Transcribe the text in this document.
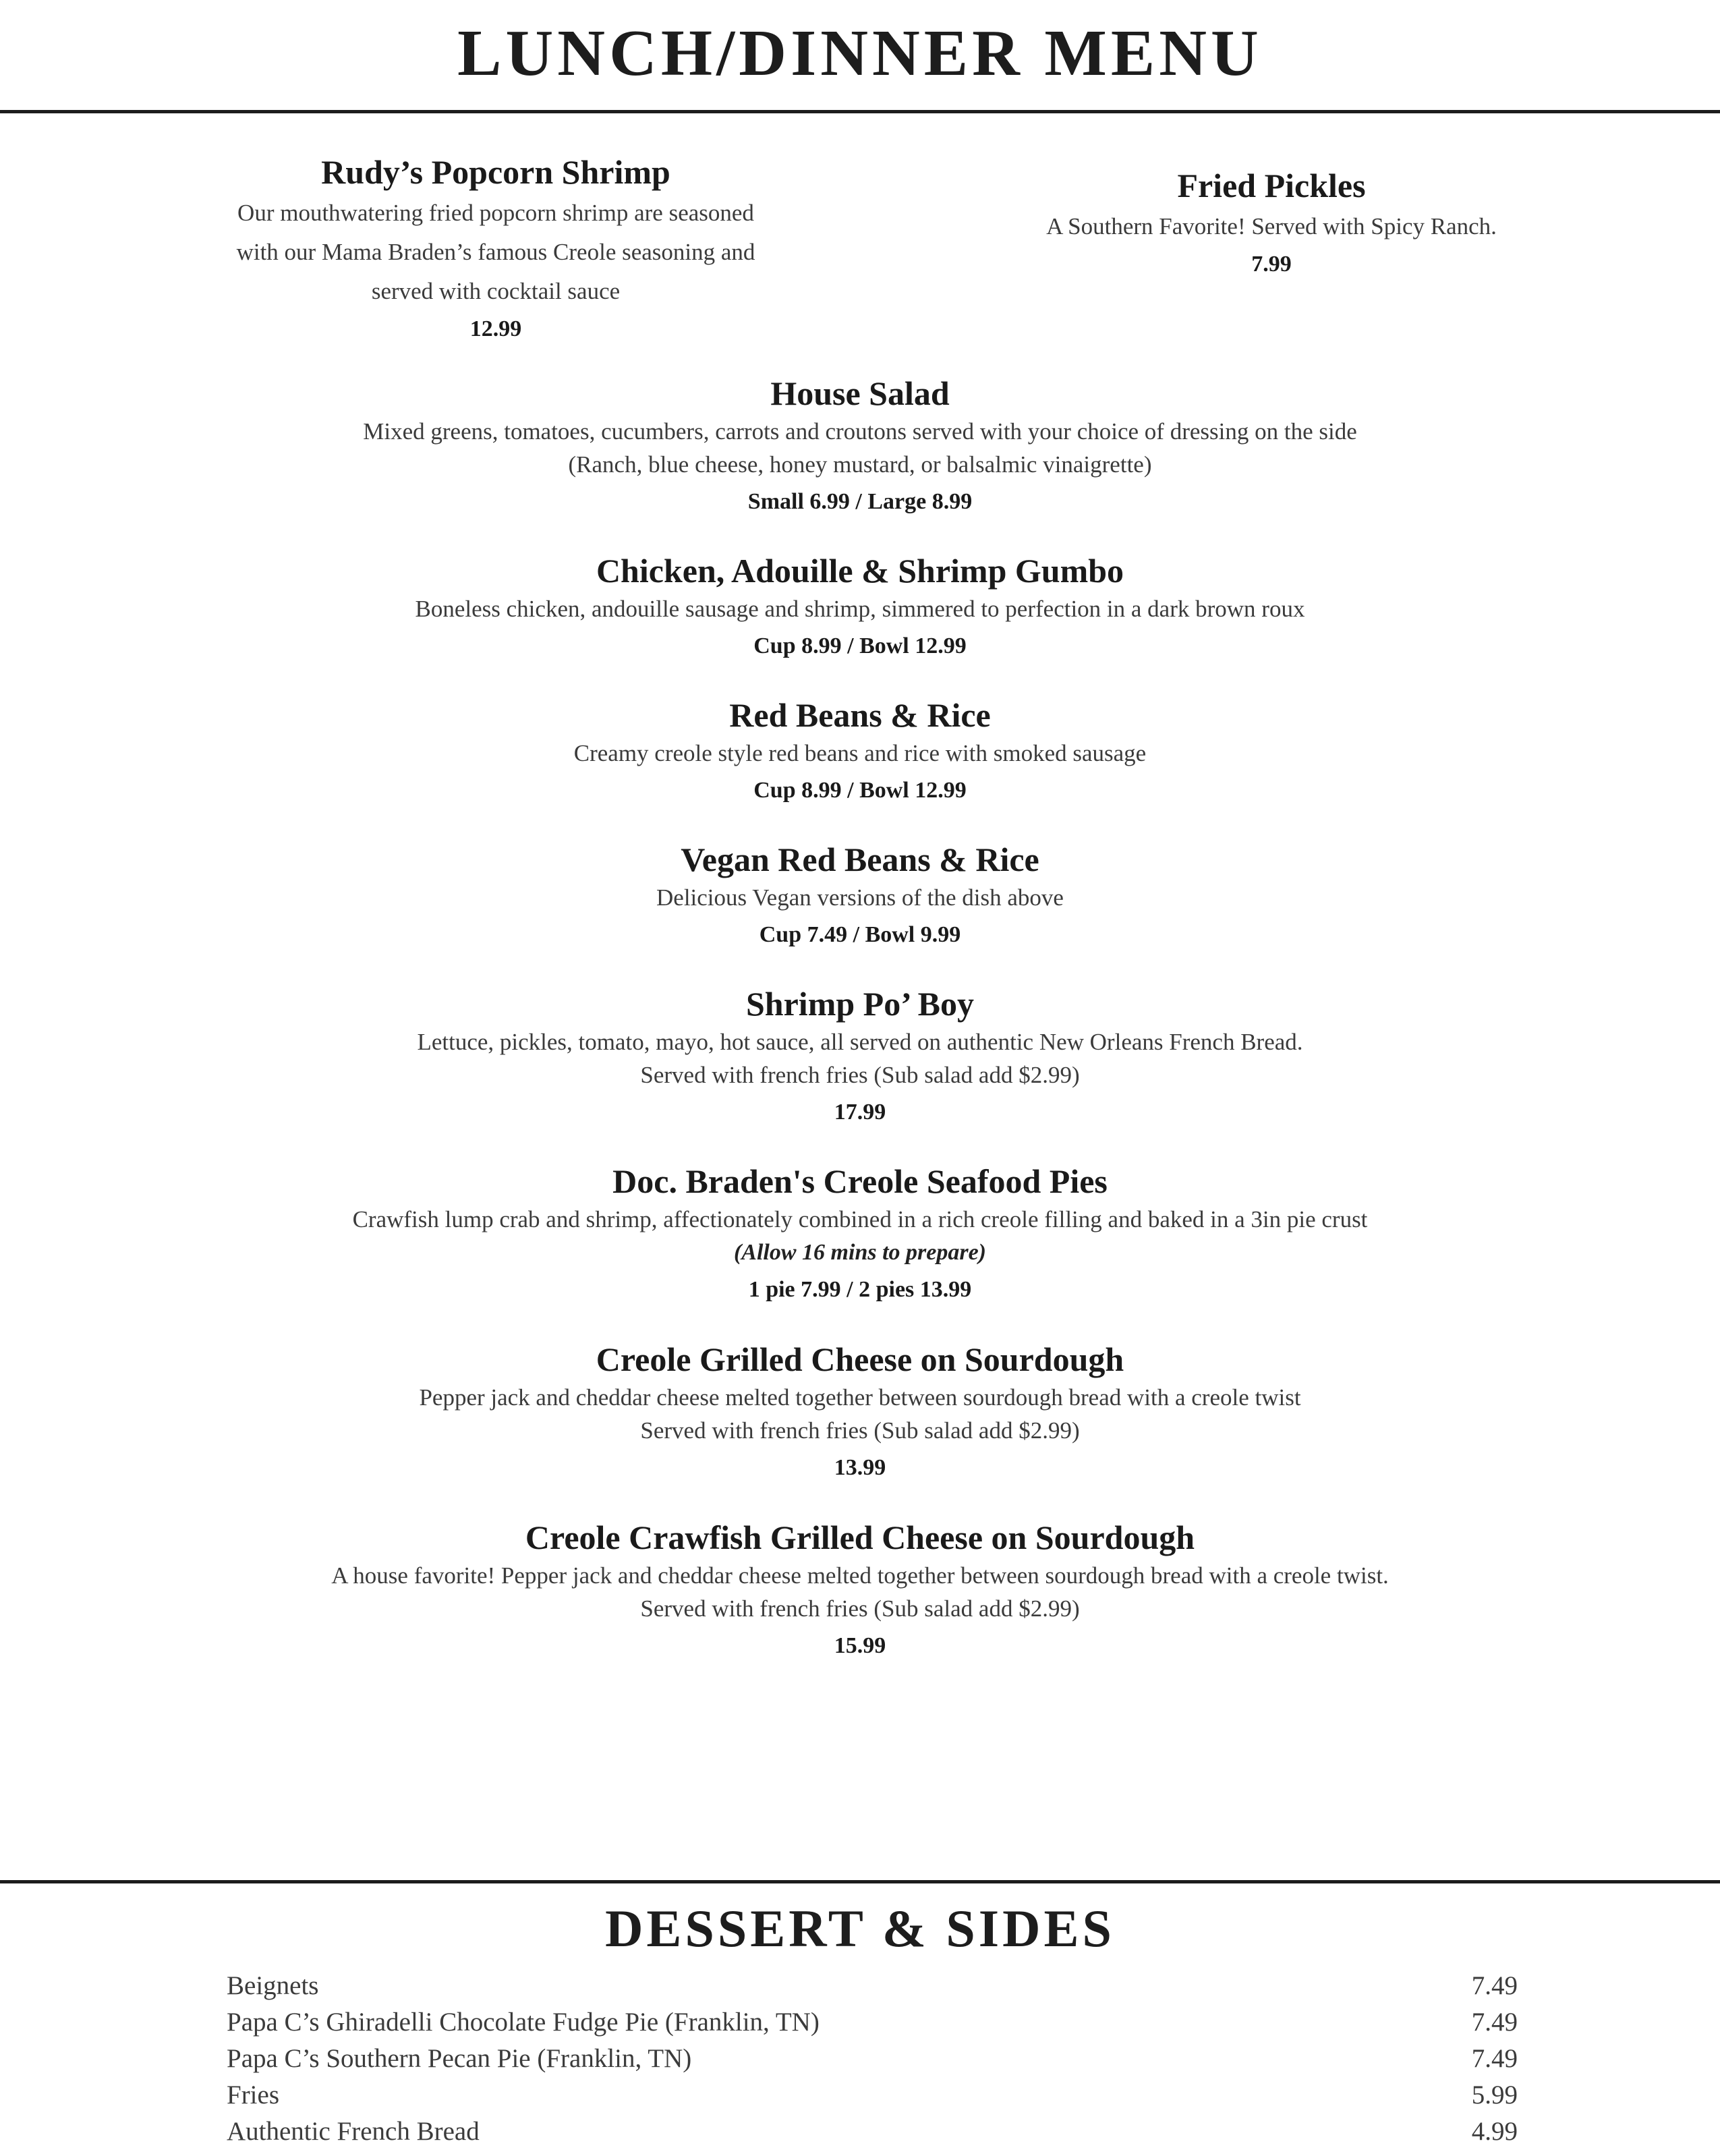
LUNCH/DINNER MENU
Rudy’s Popcorn Shrimp
Our mouthwatering fried popcorn shrimp are seasoned
with our Mama Braden’s famous Creole seasoning and
served with cocktail sauce
12.99
Fried Pickles
A Southern Favorite! Served with Spicy Ranch.
7.99
House Salad
Mixed greens, tomatoes, cucumbers, carrots and croutons served with your choice of dressing on the side
(Ranch, blue cheese, honey mustard, or balsalmic vinaigrette)
Small 6.99 / Large 8.99
Chicken, Adouille & Shrimp Gumbo
Boneless chicken, andouille sausage and shrimp, simmered to perfection in a dark brown roux
Cup 8.99 / Bowl 12.99
Red Beans & Rice
Creamy creole style red beans and rice with smoked sausage
Cup 8.99 / Bowl 12.99
Vegan Red Beans & Rice
Delicious Vegan versions of the dish above
Cup 7.49 / Bowl 9.99
Shrimp Po’ Boy
Lettuce, pickles, tomato, mayo, hot sauce, all served on authentic New Orleans French Bread.
Served with french fries (Sub salad add $2.99)
17.99
Doc. Braden's Creole Seafood Pies
Crawfish lump crab and shrimp, affectionately combined in a rich creole filling and baked in a 3in pie crust
(Allow 16 mins to prepare)
1 pie 7.99 / 2 pies 13.99
Creole Grilled Cheese on Sourdough
Pepper jack and cheddar cheese melted together between sourdough bread with a creole twist
Served with french fries (Sub salad add $2.99)
13.99
Creole Crawfish Grilled Cheese on Sourdough
A house favorite! Pepper jack and cheddar cheese melted together between sourdough bread with a creole twist.
Served with french fries (Sub salad add $2.99)
15.99
DESSERT & SIDES
Beignets	7.49
Papa C’s Ghiradelli Chocolate Fudge Pie (Franklin, TN)	7.49
Papa C’s Southern Pecan Pie (Franklin, TN)	7.49
Fries	5.99
Authentic French Bread	4.99
